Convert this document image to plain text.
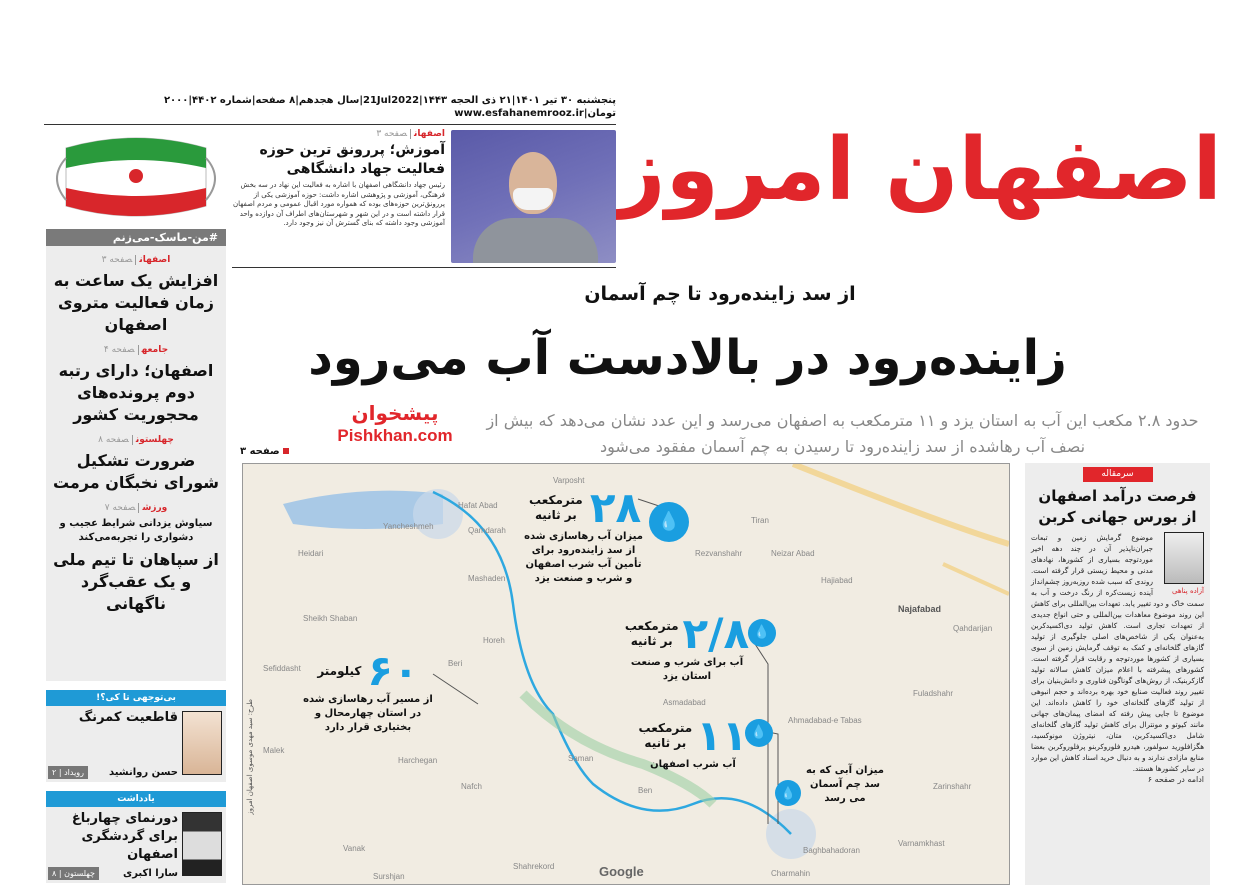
پنجشنبه ۳۰ تیر ۱۴۰۱|۲۱ ذی الحجه ۱۴۴۳|21Jul2022|سال هجدهم|۸ صفحه|شماره ۴۴۰۲|۲۰۰۰ تومان|www.esfahanemrooz.ir
اصفهان امروز
اصفهانصفحه ۳
آموزش؛ پررونق ترین حوزه فعالیت جهاد دانشگاهی
رئیس جهاد دانشگاهی اصفهان با اشاره به فعالیت این نهاد در سه بخش فرهنگی، آموزشی و پژوهشی اشاره داشت: حوزه آموزشی یکی از پررونق‌ترین حوزه‌های بوده که همواره مورد اقبال عمومی و مردم اصفهان قرار داشته است و در این شهر و شهرستان‌های اطراف آن دوازده واحد آموزشی وجود داشته که بنای گسترش آن نیز وجود دارد.
#من-ماسک-می‌زنم
اصفهانصفحه ۳
افزایش یک ساعت به زمان فعالیت متروی اصفهان
جامعهصفحه ۴
اصفهان؛ دارای رتبه دوم پرونده‌های محجوریت کشور
چهلستونصفحه ۸
ضرورت تشکیل شورای نخبگان مرمت
ورزشصفحه ۷
سیاوش یزدانی شرایط عجیب و دشواری را تجربه‌می‌کند
از سپاهان تا تیم ملی و یک عقب‌گرد ناگهانی
بی‌توجهی تا کی؟!
قاطعیت کمرنگ
حسن روانشید
رویداد | ۲
یادداشت
دورنمای چهارباغ برای گردشگری اصفهان
سارا اکبری
چهلستون | ۸
از سد زاینده‌رود تا چم آسمان
زاینده‌رود در بالادست آب می‌رود
حدود ۲.۸ مکعب این آب به استان یزد و ۱۱ مترمکعب به اصفهان می‌رسد و این عدد نشان می‌دهد که بیش از نصف آب رهاشده از سد زاینده‌رود تا رسیدن به چم آسمان مفقود می‌شود
صفحه ۳
پیشخوان
Pishkhan.com
Varposht
Hafat Abad
Qamdarah
Yancheshmeh
Mashaden
Rezvanshahr
Tiran
Neizar Abad
Hajiabad
Najafabad
Qahdarijan
Heidari
Sheikh Shaban
Horeh
Beri
Asmadabad
Ahmadabad-e Tabas
Fuladshahr
Zarinshahr
Varnamkhast
Malek
Harchegan
Nafch
Saman
Ben
Baghbahadoran
Charmahin
Vanak
Shahrekord
Surshjan
Sefiddasht
💧
۲۸
مترمکعب بر ثانیه
میزان آب رهاسازی شده از سد زاینده‌رود برای تأمین آب شرب اصفهان و شرب و صنعت یزد
💧
۲/۸
مترمکعب بر ثانیه
آب برای شرب و صنعت استان یزد
💧
۱۱
مترمکعب بر ثانیه
آب شرب اصفهان
۶۰
کیلومتر
از مسیر آب رهاسازی شده در استان چهارمحال و بختیاری قرار دارد
💧
میزان آبی که به سد چم آسمان می رسد
طرح: سید مهدی موسوی اصفهان امروز
Google
سرمقاله
فرصت درآمد اصفهان از بورس جهانی کربن
آزاده پناهی
موضوع گرمایش زمین و تبعات جبران‌ناپذیر آن در چند دهه اخیر موردتوجه بسیاری از کشورها، نهادهای مدنی و محیط زیستی قرار گرفته است. روندی که سبب شده روزبه‌روز چشم‌انداز آینده زیست‌کره از رنگ درخت و آب به سمت خاک و دود تغییر یابد. تعهدات بین‌المللی برای کاهش این روند موضوع معاهدات بین‌المللی و حتی انواع جدیدی از تعهدات تجاری است. کاهش تولید دی‌اکسیدکربن به‌عنوان یکی از شاخص‌های اصلی جلوگیری از تولید گازهای گلخانه‌ای و کمک به توقف گرمایش زمین از سوی بسیاری از کشورها موردتوجه و رقابت قرار گرفته است. کشورهای پیشرفته با اعلام میزان کاهش سالانه تولید گازکربنیک، از روش‌های گوناگون فناوری و دانش‌بنیان برای تغییر روند فعالیت صنایع خود بهره برده‌اند و حجم انبوهی از تولید گازهای گلخانه‌ای خود را کاهش داده‌اند. این موضوع تا جایی پیش رفته که امضای پیمان‌های جهانی مانند کیوتو و مونترال برای کاهش تولید گازهای گلخانه‌ای شامل دی‌اکسیدکربن، متان، نیتروژن مونوکسید، هگزافلورید سولفور، هیدرو فلوروکربنو پرفلوروکربن بعضا منابع مازادی ندارند و به دنبال خرید اسناد کاهش این موارد در سایر کشورها هستند.
ادامه در صفحه ۶
